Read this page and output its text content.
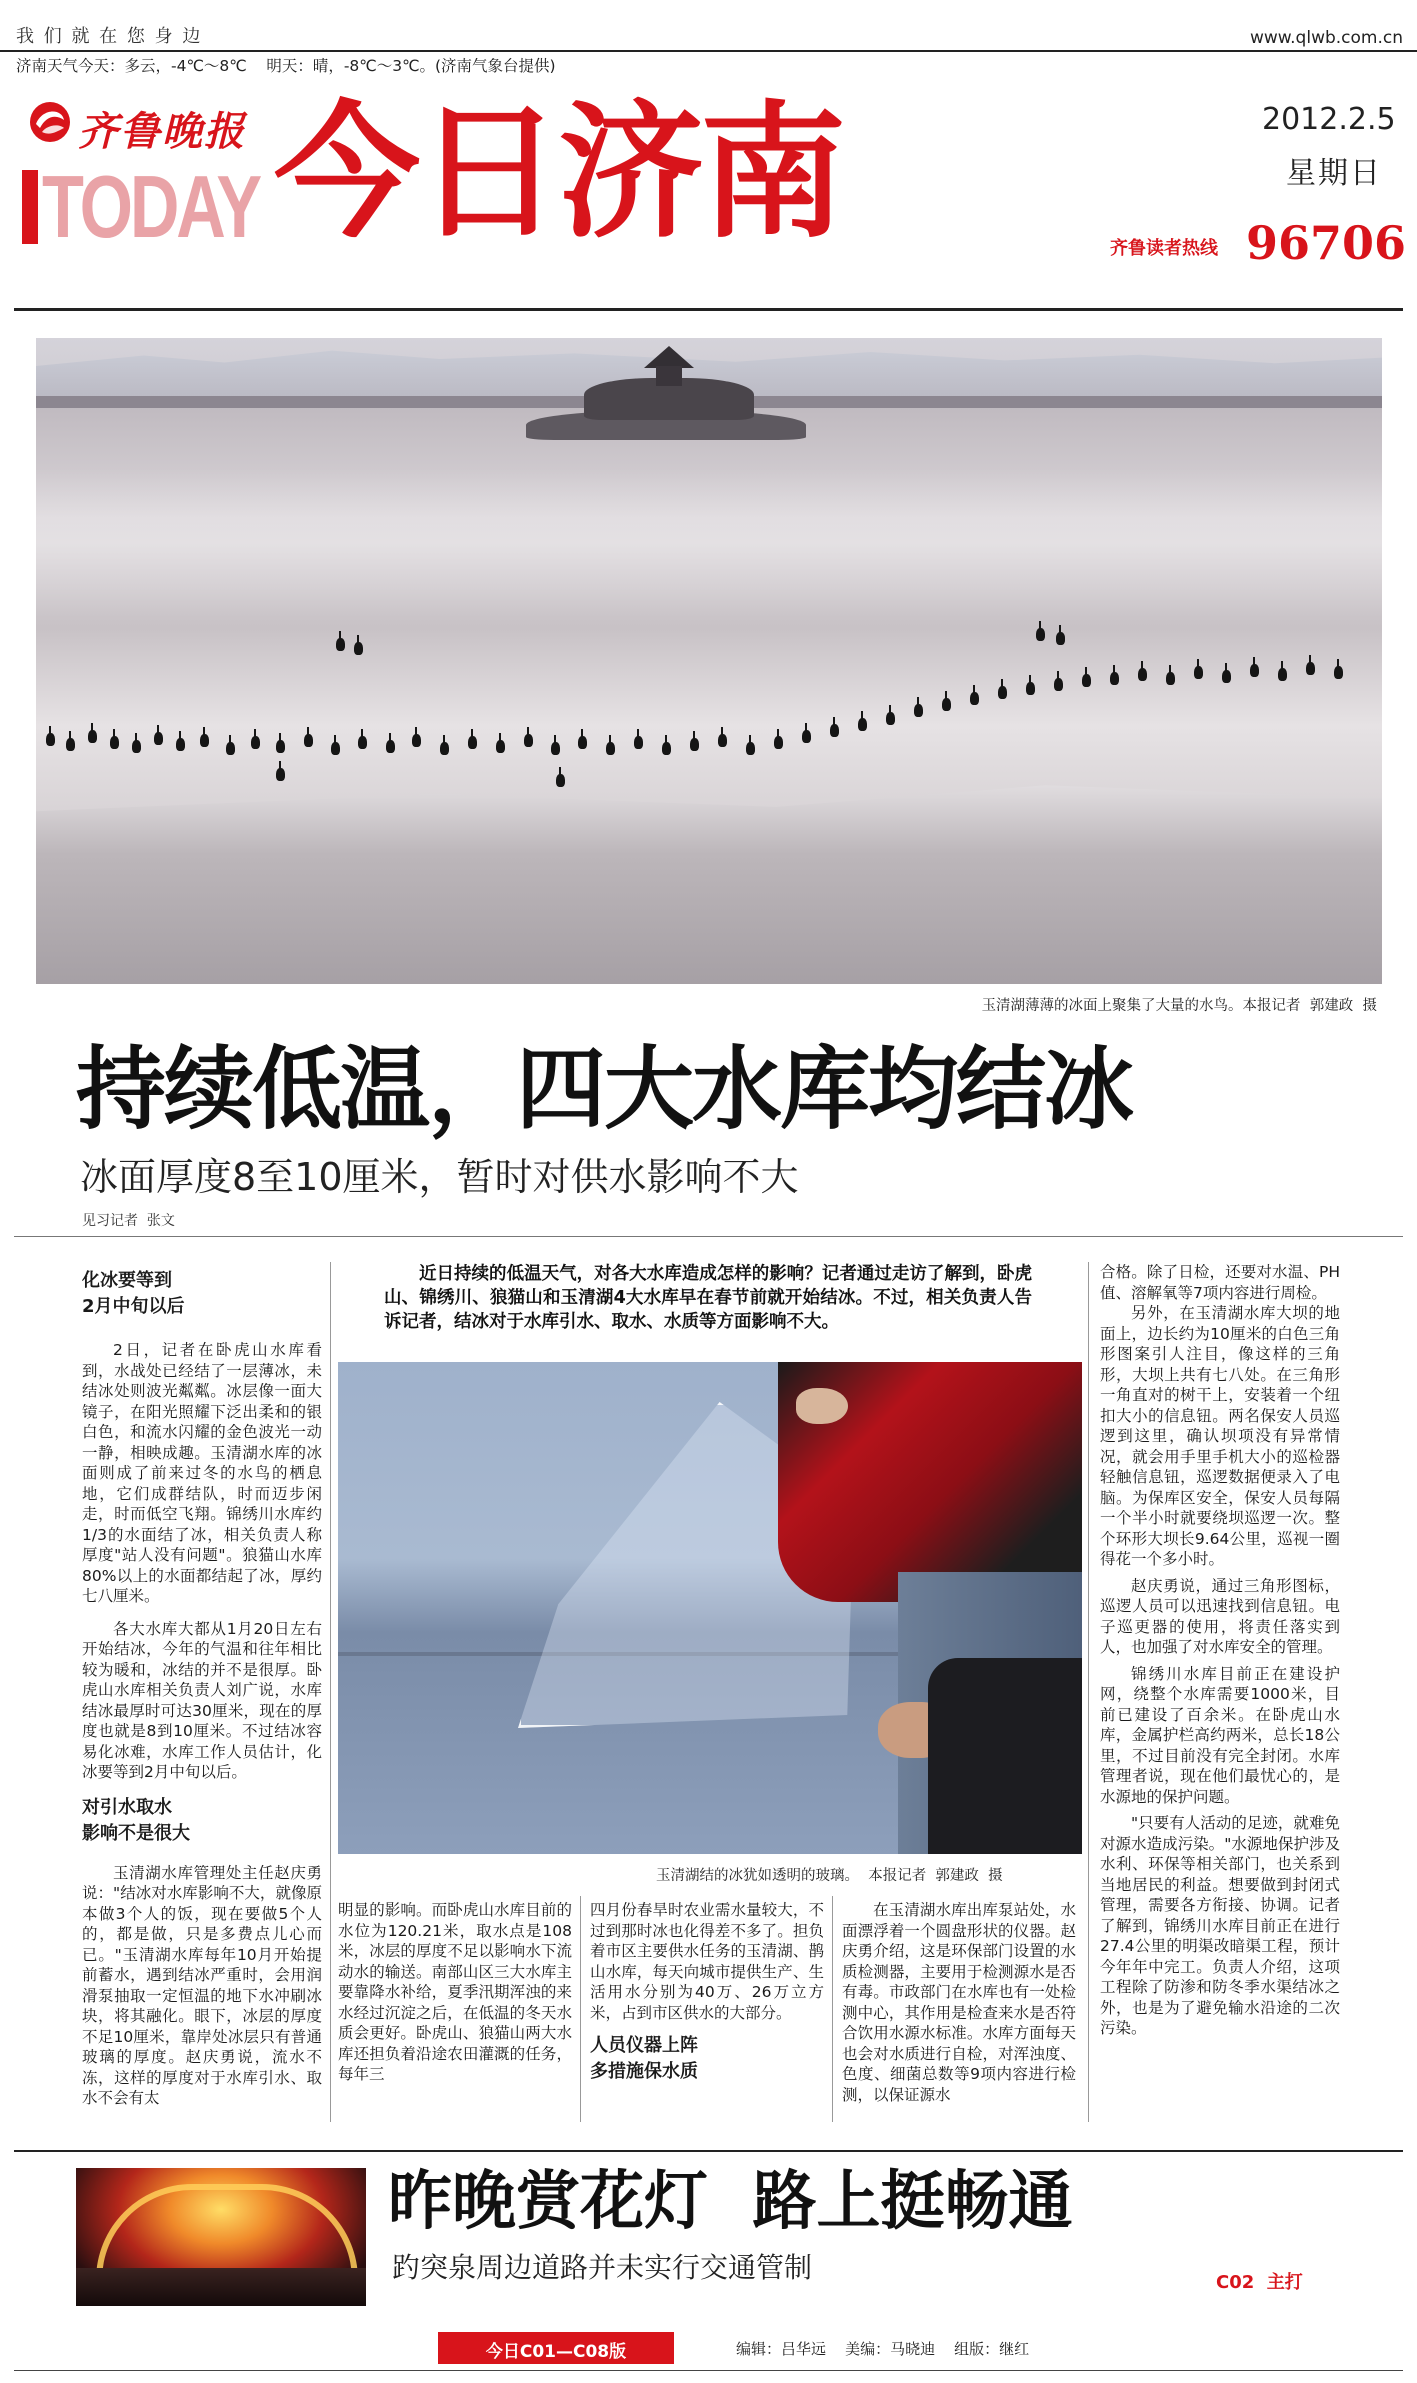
我 们 就 在 您 身 边	www.qlwb.com.cn
济南天气今天：多云，-4℃～8℃    明天：晴，-8℃～3℃。(济南气象台提供)
齐鲁晚报
TODAY 今日济南	2012.2.5
星期日
齐鲁读者热线 96706
玉清湖薄薄的冰面上聚集了大量的水鸟。本报记者  郭建政  摄
持续低温，四大水库均结冰
冰面厚度8至10厘米，暂时对供水影响不大
见习记者  张文
化冰要等到
2月中旬以后

2日，记者在卧虎山水库看到，水战处已经结了一层薄冰，未结冰处则波光粼粼。冰层像一面大镜子，在阳光照耀下泛出柔和的银白色，和流水闪耀的金色波光一动一静，相映成趣。玉清湖水库的冰面则成了前来过冬的水鸟的栖息地，它们成群结队，时而迈步闲走，时而低空飞翔。锦绣川水库约1/3的水面结了冰，相关负责人称厚度"站人没有问题"。狼猫山水库80%以上的水面都结起了冰，厚约七八厘米。

各大水库大都从1月20日左右开始结冰，今年的气温和往年相比较为暖和，冰结的并不是很厚。卧虎山水库相关负责人刘广说，水库结冰最厚时可达30厘米，现在的厚度也就是8到10厘米。不过结冰容易化冰难，水库工作人员估计，化冰要等到2月中旬以后。

对引水取水
影响不是很大

玉清湖水库管理处主任赵庆勇说："结冰对水库影响不大，就像原本做3个人的饭，现在要做5个人的，都是做，只是多费点儿心而已。"玉清湖水库每年10月开始提前蓄水，遇到结冰严重时，会用润滑泵抽取一定恒温的地下水冲刷冰块，将其融化。眼下，冰层的厚度不足10厘米，靠岸处冰层只有普通玻璃的厚度。赵庆勇说，流水不冻，这样的厚度对于水库引水、取水不会有太

近日持续的低温天气，对各大水库造成怎样的影响？记者通过走访了解到，卧虎山、锦绣川、狼猫山和玉清湖4大水库早在春节前就开始结冰。不过，相关负责人告诉记者，结冰对于水库引水、取水、水质等方面影响不大。
玉清湖结的冰犹如透明的玻璃。  本报记者  郭建政  摄

明显的影响。而卧虎山水库目前的水位为120.21米，取水点是108米，冰层的厚度不足以影响水下流动水的输送。南部山区三大水库主要靠降水补给，夏季汛期浑浊的来水经过沉淀之后，在低温的冬天水质会更好。卧虎山、狼猫山两大水库还担负着沿途农田灌溉的任务，每年三

四月份春旱时农业需水量较大，不过到那时冰也化得差不多了。担负着市区主要供水任务的玉清湖、鹊山水库，每天向城市提供生产、生活用水分别为40万、26万立方米，占到市区供水的大部分。

人员仪器上阵
多措施保水质

在玉清湖水库出库泵站处，水面漂浮着一个圆盘形状的仪器。赵庆勇介绍，这是环保部门设置的水质检测器，主要用于检测源水是否有毒。市政部门在水库也有一处检测中心，其作用是检查来水是否符合饮用水源水标准。水库方面每天也会对水质进行自检，对浑浊度、色度、细菌总数等9项内容进行检测，以保证源水

合格。除了日检，还要对水温、PH值、溶解氧等7项内容进行周检。

另外，在玉清湖水库大坝的地面上，边长约为10厘米的白色三角形图案引人注目，像这样的三角形，大坝上共有七八处。在三角形一角直对的树干上，安装着一个纽扣大小的信息钮。两名保安人员巡逻到这里，确认坝项没有异常情况，就会用手里手机大小的巡检器轻触信息钮，巡逻数据便录入了电脑。为保库区安全，保安人员每隔一个半小时就要绕坝巡逻一次。整个环形大坝长9.64公里，巡视一圈得花一个多小时。

赵庆勇说，通过三角形图标，巡逻人员可以迅速找到信息钮。电子巡更器的使用，将责任落实到人，也加强了对水库安全的管理。

锦绣川水库目前正在建设护网，绕整个水库需要1000米，目前已建设了百余米。在卧虎山水库，金属护栏高约两米，总长18公里，不过目前没有完全封闭。水库管理者说，现在他们最忧心的，是水源地的保护问题。

"只要有人活动的足迹，就难免对源水造成污染。"水源地保护涉及水利、环保等相关部门，也关系到当地居民的利益。想要做到封闭式管理，需要各方衔接、协调。记者了解到，锦绣川水库目前正在进行27.4公里的明渠改暗渠工程，预计今年年中完工。负责人介绍，这项工程除了防渗和防冬季水渠结冰之外，也是为了避免输水沿途的二次污染。

昨晚赏花灯  路上挺畅通
趵突泉周边道路并未实行交通管制	C02  主打
今日C01—C08版	编辑：吕华远    美编：马晓迪    组版：继红
